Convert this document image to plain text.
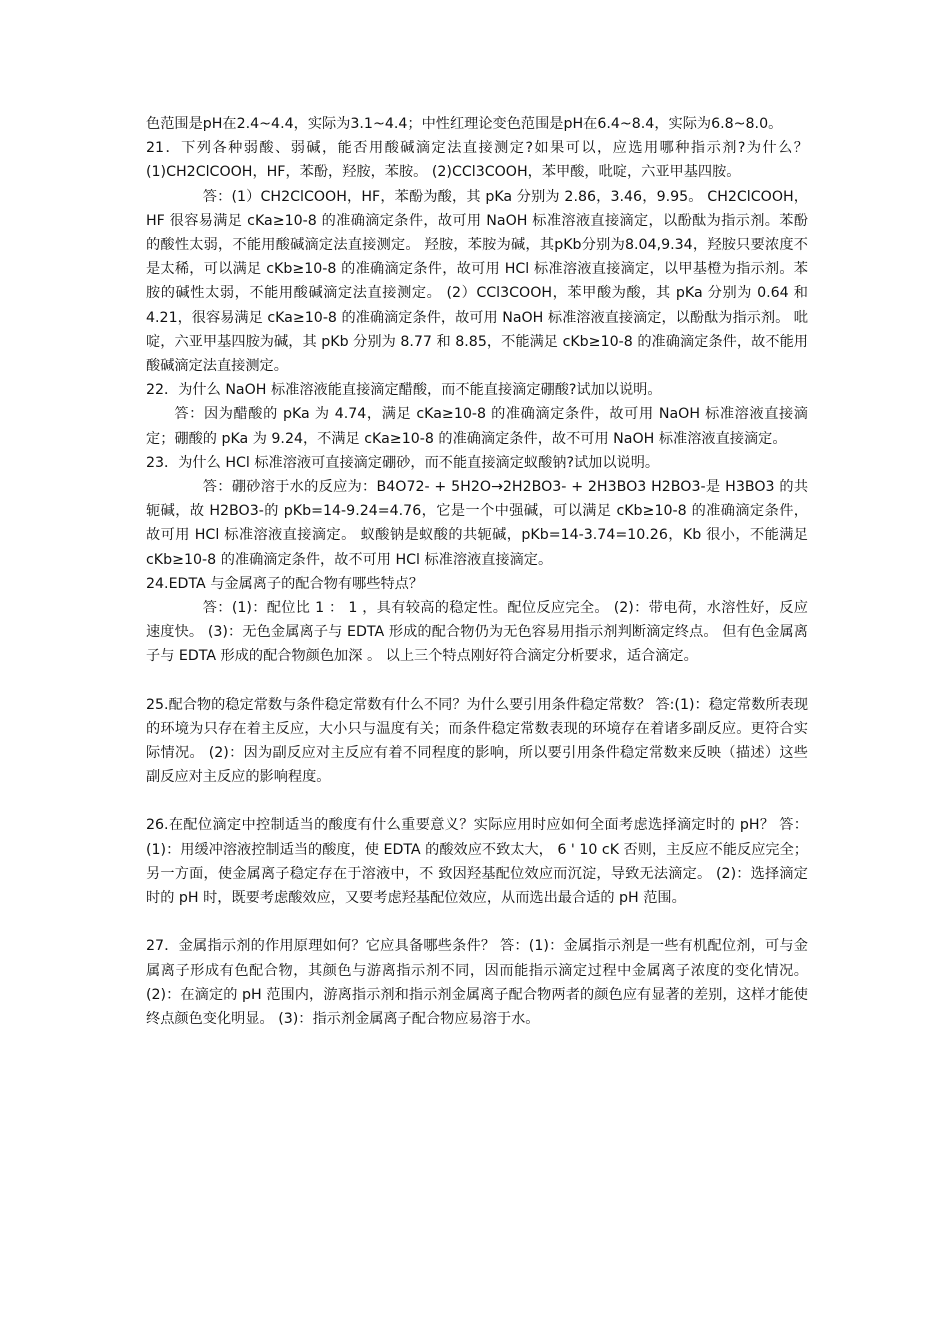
色范围是pH在2.4~4.4，实际为3.1~4.4；中性红理论变色范围是pH在6.4~8.4，实际为6.8~8.0。

21．下列各种弱酸、弱碱，能否用酸碱滴定法直接测定?如果可以，应选用哪种指示剂?为什么？ (1)CH2ClCOOH，HF，苯酚，羟胺，苯胺。 (2)CCl3COOH，苯甲酸，吡啶，六亚甲基四胺。

答：(1）CH2ClCOOH，HF，苯酚为酸，其 pKa 分别为 2.86，3.46，9.95。 CH2ClCOOH，HF 很容易满足 cKa≥10-8 的准确滴定条件，故可用 NaOH 标准溶液直接滴定，以酚酞为指示剂。苯酚的酸性太弱，不能用酸碱滴定法直接测定。 羟胺，苯胺为碱，其pKb分别为8.04,9.34，羟胺只要浓度不是太稀，可以满足 cKb≥10-8 的准确滴定条件，故可用 HCl 标准溶液直接滴定，以甲基橙为指示剂。苯胺的碱性太弱，不能用酸碱滴定法直接测定。 (2）CCl3COOH，苯甲酸为酸，其 pKa 分别为 0.64 和 4.21，很容易满足 cKa≥10-8 的准确滴定条件，故可用 NaOH 标准溶液直接滴定，以酚酞为指示剂。 吡啶，六亚甲基四胺为碱，其 pKb 分别为 8.77 和 8.85，不能满足 cKb≥10-8 的准确滴定条件，故不能用酸碱滴定法直接测定。

22．为什么 NaOH 标准溶液能直接滴定醋酸，而不能直接滴定硼酸?试加以说明。

答：因为醋酸的 pKa 为 4.74，满足 cKa≥10-8 的准确滴定条件，故可用 NaOH 标准溶液直接滴定；硼酸的 pKa 为 9.24，不满足 cKa≥10-8 的准确滴定条件，故不可用 NaOH 标准溶液直接滴定。

23．为什么 HCl 标准溶液可直接滴定硼砂，而不能直接滴定蚁酸钠?试加以说明。

答：硼砂溶于水的反应为：B4O72- + 5H2O→2H2BO3- + 2H3BO3 H2BO3-是 H3BO3 的共轭碱，故 H2BO3-的 pKb=14-9.24=4.76，它是一个中强碱，可以满足 cKb≥10-8 的准确滴定条件，故可用 HCl 标准溶液直接滴定。 蚁酸钠是蚁酸的共轭碱，pKb=14-3.74=10.26，Kb 很小，不能满足 cKb≥10-8 的准确滴定条件，故不可用 HCl 标准溶液直接滴定。

24.EDTA 与金属离子的配合物有哪些特点？

答：(1)：配位比 1 ： 1 ，具有较高的稳定性。配位反应完全。 (2)：带电荷，水溶性好，反应速度快。 (3)：无色金属离子与 EDTA 形成的配合物仍为无色容易用指示剂判断滴定终点。 但有色金属离子与 EDTA 形成的配合物颜色加深 。 以上三个特点刚好符合滴定分析要求，适合滴定。

25.配合物的稳定常数与条件稳定常数有什么不同？为什么要引用条件稳定常数？ 答:(1)：稳定常数所表现的环境为只存在着主反应，大小只与温度有关；而条件稳定常数表现的环境存在着诸多副反应。更符合实际情况。 (2)：因为副反应对主反应有着不同程度的影响，所以要引用条件稳定常数来反映（描述）这些副反应对主反应的影响程度。

26.在配位滴定中控制适当的酸度有什么重要意义？实际应用时应如何全面考虑选择滴定时的 pH？ 答：(1)：用缓冲溶液控制适当的酸度，使 EDTA 的酸效应不致太大， 6 ' 10 cK 否则，主反应不能反应完全；另一方面，使金属离子稳定存在于溶液中，不 致因羟基配位效应而沉淀，导致无法滴定。 (2)：选择滴定时的 pH 时，既要考虑酸效应，又要考虑羟基配位效应，从而选出最合适的 pH 范围。

27．金属指示剂的作用原理如何？它应具备哪些条件？ 答：(1)：金属指示剂是一些有机配位剂，可与金属离子形成有色配合物，其颜色与游离指示剂不同，因而能指示滴定过程中金属离子浓度的变化情况。 (2)：在滴定的 pH 范围内，游离指示剂和指示剂金属离子配合物两者的颜色应有显著的差别，这样才能使终点颜色变化明显。 (3)：指示剂金属离子配合物应易溶于水。
